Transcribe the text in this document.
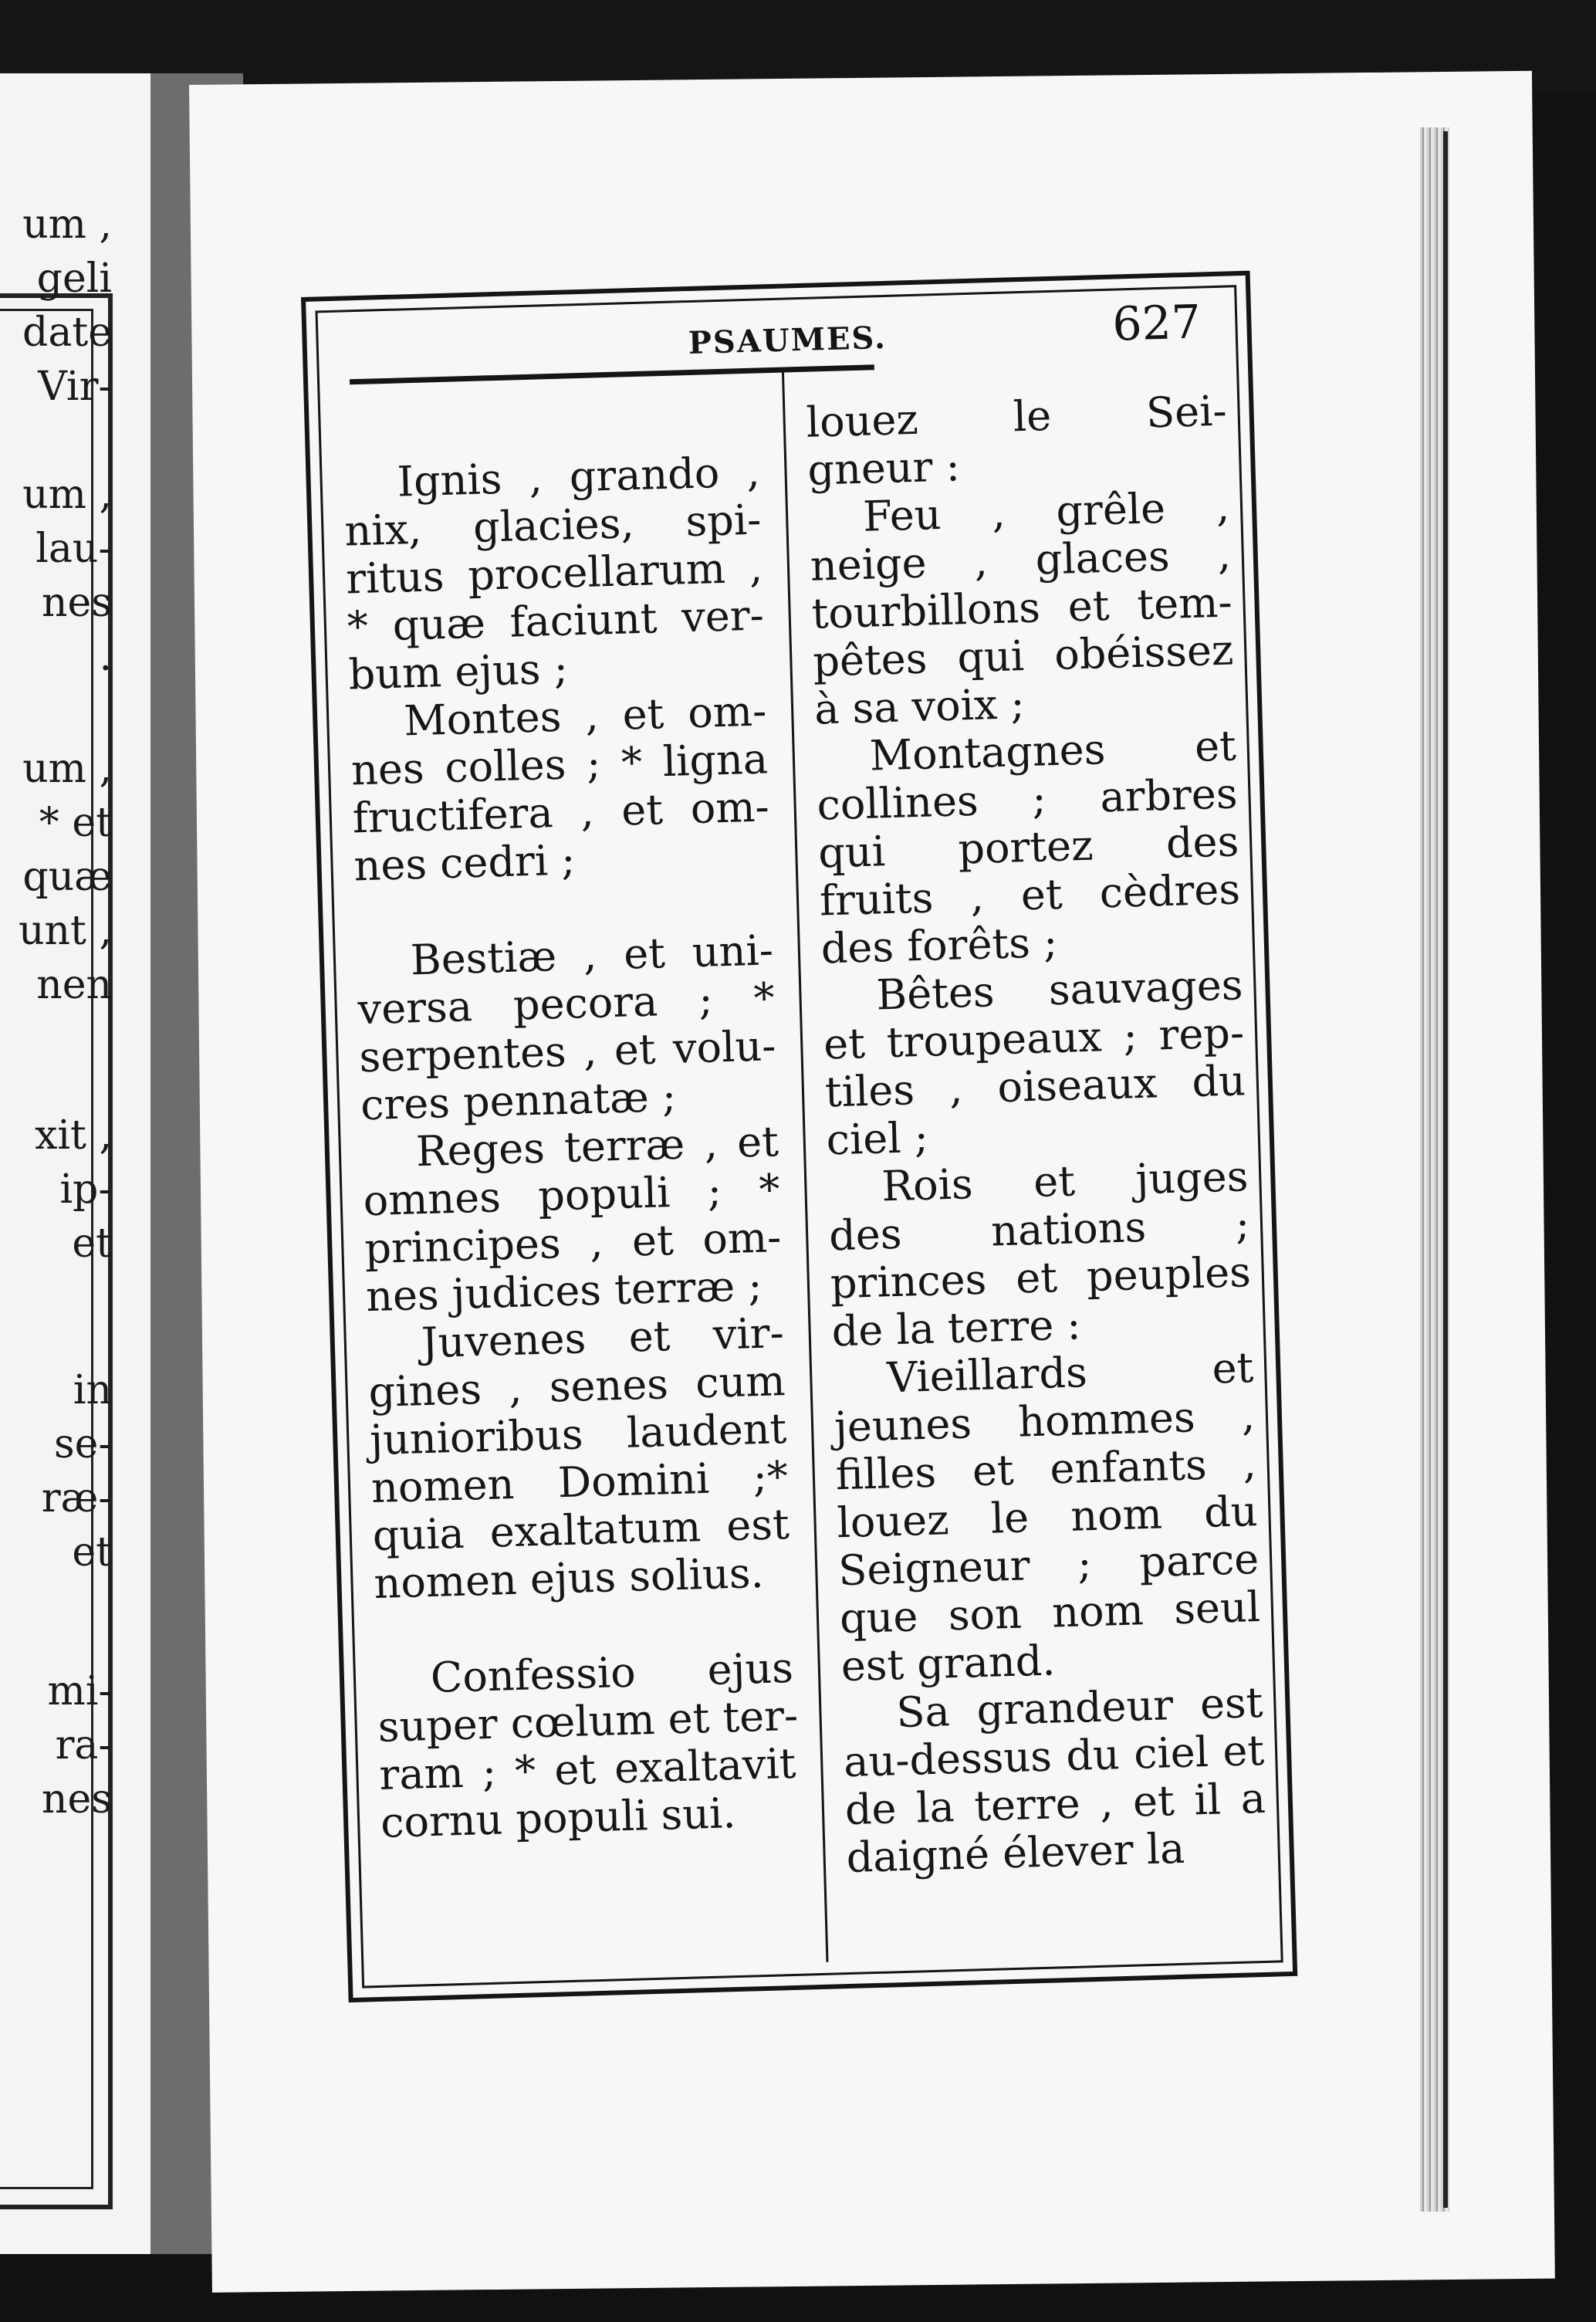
um ,
geli
date
Vir-
um ,
lau-
nes
.
um ,
* et
quæ
unt ,
nen
xit ,
ip-
et
in
se-
ræ-
et
mi-
ra-
nes
PSAUMES.	627
Ignis , grando ,
nix, glacies, spi-
ritus procellarum ,
* quæ faciunt ver-
bum ejus ;
Montes , et om-
nes colles ; * ligna
fructifera , et om-
nes cedri ;
Bestiæ , et uni-
versa pecora ; *
serpentes , et volu-
cres pennatæ ;
Reges terræ , et
omnes populi ; *
principes , et om-
nes judices terræ ;
Juvenes et vir-
gines , senes cum
junioribus laudent
nomen Domini ;*
quia exaltatum est
nomen ejus solius.
Confessio ejus
super cœlum et ter-
ram ; * et exaltavit
cornu populi sui.
louez le Sei-
gneur :
Feu , grêle ,
neige , glaces ,
tourbillons et tem-
pêtes qui obéissez
à sa voix ;
Montagnes et
collines ; arbres
qui portez des
fruits , et cèdres
des forêts ;
Bêtes sauvages
et troupeaux ; rep-
tiles , oiseaux du
ciel ;
Rois et juges
des nations ;
princes et peuples
de la terre :
Vieillards et
jeunes hommes ,
filles et enfants ,
louez le nom du
Seigneur ; parce
que son nom seul
est grand.
Sa grandeur est
au-dessus du ciel et
de la terre , et il a
daigné élever la
